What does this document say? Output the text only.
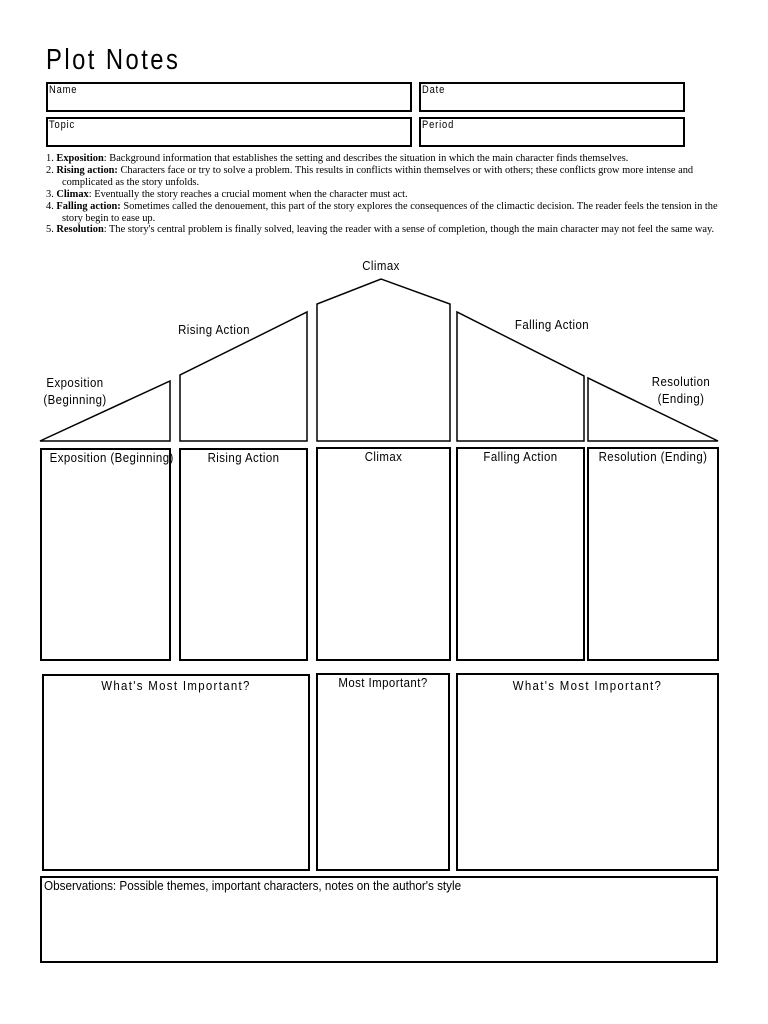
Plot Notes
Name	Date
Topic	Period
1. Exposition: Background information that establishes the setting and describes the situation in which the main character finds themselves.
2. Rising action: Characters face or try to solve a problem. This results in conflicts within themselves or with others; these conflicts grow more intense and complicated as the story unfolds.
3. Climax: Eventually the story reaches a crucial moment when the character must act.
4. Falling action: Sometimes called the denouement, this part of the story explores the consequences of the climactic decision. The reader feels the tension in the story begin to ease up.
5. Resolution: The story's central problem is finally solved, leaving the reader with a sense of completion, though the main character may not feel the same way.
Climax
Rising Action	Falling Action
Exposition
(Beginning)
Resolution
(Ending)
Exposition (Beginning)	Rising Action	Climax	Falling Action	Resolution (Ending)
What's Most Important?	Most Important?	What's Most Important?
Observations: Possible themes, important characters, notes on the author's style
